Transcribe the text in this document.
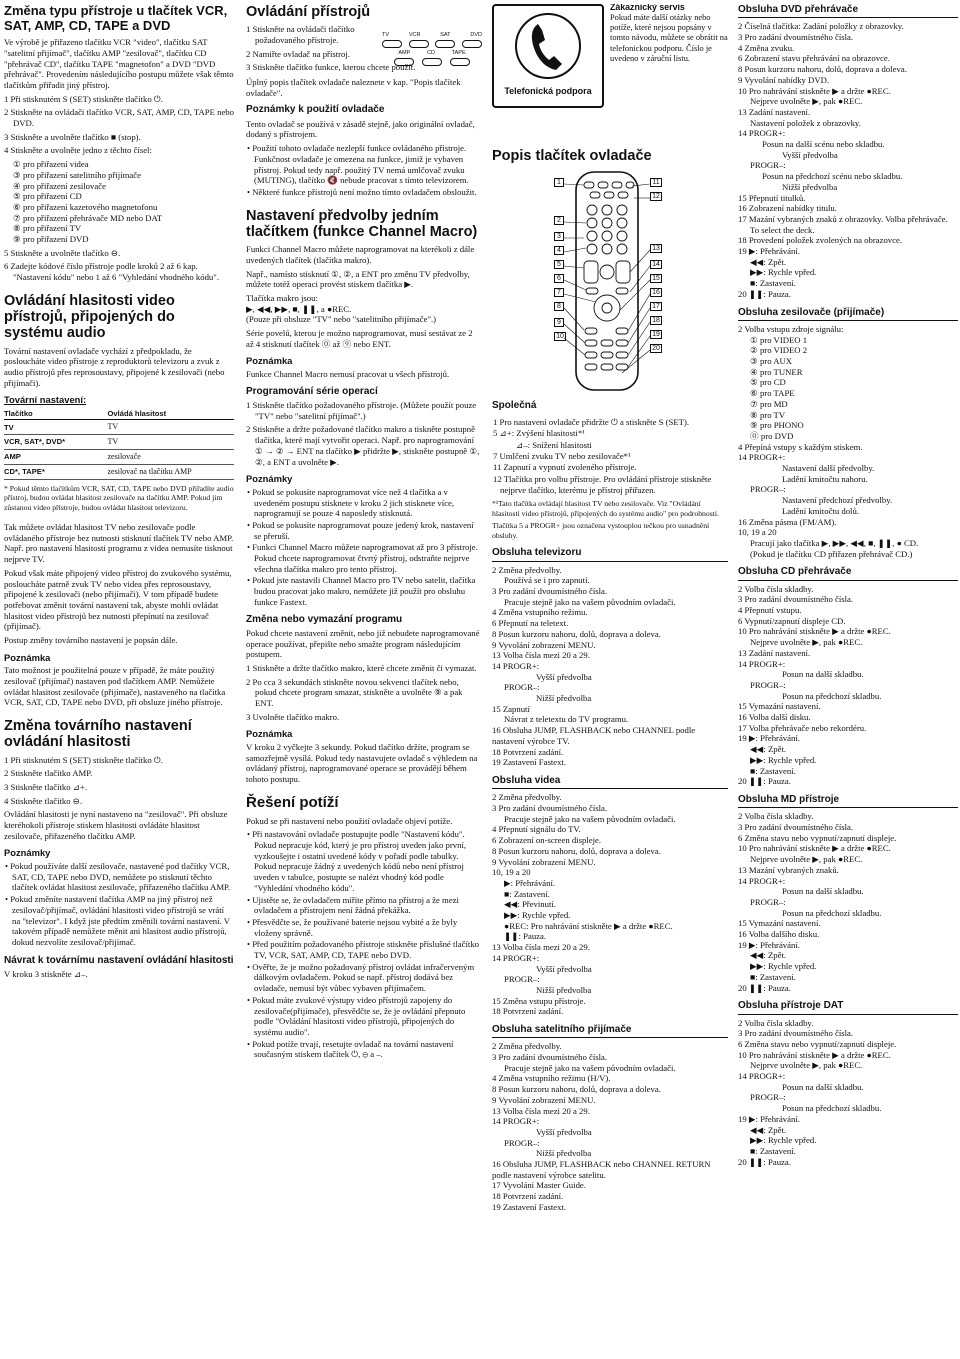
Změna typu přístroje u tlačítek VCR, SAT, AMP, CD, TAPE a DVD

Ve výrobě je přiřazeno tlačítku VCR "video", tlačítku SAT "satelitní přijímač", tlačítku AMP "zesilovač", tlačítku CD "přehrávač CD", tlačítku TAPE "magnetofon" a DVD "DVD přehrávač". Provedením následujícího postupu můžete však těmto tlačítkům přiřadit jiný přístroj.

1 Při stisknutém S (SET) stiskněte tlačítko ⏻.
2 Stiskněte na ovládači tlačítko VCR, SAT, AMP, CD, TAPE nebo DVD.
3 Stiskněte a uvolněte tlačítko ■ (stop).
4 Stiskněte a uvolněte jedno z těchto čísel:
① pro přiřazení videa
③ pro přiřazení satelitního přijímače
④ pro přiřazení zesilovače
⑤ pro přiřazení CD
⑥ pro přiřazení kazetového magnetofonu
⑦ pro přiřazení přehrávače MD nebo DAT
⑧ pro přiřazení TV
⑨ pro přiřazení DVD
5 Stiskněte a uvolněte tlačítko ⊖.
6 Zadejte kódové číslo přístroje podle kroků 2 až 6 kap. "Nastavení kódu" nebo 1 až 6 "Vyhledání vhodného kódu".
Ovládání hlasitosti video přístrojů, připojených do systému audio

Tovární nastavení ovladače vychází z předpokladu, že posloucháte video přístroje z reproduktorů televizoru a zvuk z audio přístrojů přes reprosoustavy, připojené k zesilovači (nebo přijímači).

Tovární nastavení:
Tlačítko	Ovládá hlasitost
TV	TV
VCR, SAT*, DVD*	TV
AMP	zesilovače
CD*, TAPE*	zesilovač na tlačítku AMP

* Pokud těmto tlačítkům VCR, SAT, CD, TAPE nebo DVD přiřadíte audio přístroj, budou ovládat hlasitost zesilovače na tlačítku AMP. Pokud jim zůstanou video přístroje, budou ovládat hlasitost televizoru.

Tak můžete ovládat hlasitost TV nebo zesilovače podle ovládaného přístroje bez nutnosti stisknutí tlačítek TV nebo AMP. Např. pro nastavení hlasitosti programu z videa nemusíte tisknout nejprve TV.

Pokud však máte připojený video přístroj do zvukového systému, posloucháte patrně zvuk TV nebo videa přes reprosoustavy, připojené k zesilovači (nebo přijímači). V tom případě budete potřebovat změnit tovární nastavení tak, abyste mohli ovládat hlasitost video přístrojů bez nutnosti přepínutí na zesilovač (přijímač).

Postup změny továrního nastavení je popsán dále.

Poznámka

Tato možnost je použitelná pouze v případě, že máte použitý zesilovač (přijímač) nastaven pod tlačítkem AMP. Nemůžete ovládat hlasitost zesilovače (přijímače), nastaveného na tlačítka VCR, SAT, CD, TAPE nebo DVD, při obsluze jiného přístroje.

Změna továrního nastavení ovládání hlasitosti
1 Při stisknutém S (SET) stiskněte tlačítko ⏻.
2 Stiskněte tlačítko AMP.
3 Stiskněte tlačítko ⊿+.
4 Stiskněte tlačítko ⊖.

Ovládání hlasitosti je nyní nastaveno na "zesilovač". Při obsluze kteréhokoli přístroje stiskem hlasitosti ovládáte hlasitost zesilovače, přiřazeného tlačítku AMP.

Poznámky
• Pokud používáte další zesilovače, nastavené pod tlačítky VCR, SAT, CD, TAPE nebo DVD, nemůžete po stisknutí těchto tlačítek ovládat hlasitost zesilovače, přiřazeného tlačítku AMP.
• Pokud změníte nastavení tlačítka AMP na jiný přístroj než zesilovač/přijímač, ovládání hlasitosti video přístrojů se vrátí na "televizor". I když jste předtím změnili tovární nastavení. V takovém případě nemůžete měnit ani hlasitost audio přístrojů, dokud nezvolíte zesilovač/přijímač.
Návrat k továrnímu nastavení ovládání hlasitosti

V kroku 3 stiskněte ⊿–.

Ovládání přístrojů
1 Stiskněte na ovládači tlačítko požadovaného přístroje.
2 Namiřte ovladač na přístroj.
TV	VCR	SAT	DVD
AMP	CD	TAPE
3 Stiskněte tlačítko funkce, kterou chcete použít.

Úplný popis tlačítek ovladače naleznete v kap. "Popis tlačítek ovladače".

Poznámky k použití ovladače

Tento ovladač se používá v zásadě stejně, jako originální ovladač, dodaný s přístrojem.

• Použití tohoto ovladače nezlepší funkce ovládaného přístroje. Funkčnost ovladače je omezena na funkce, jimiž je vybaven přístroj. Pokud tedy např. použitý TV nemá umlčovač zvuku (MUTING), tlačítko 🔇 nebude pracovat s tímto televizorem.
• Některé funkce přístrojů není možno tímto ovladačem obsloužit.
Nastavení předvolby jedním tlačítkem (funkce Channel Macro)

Funkci Channel Macro můžete naprogramovat na kterékoli z dále uvedených tlačítek (tlačítka makro).

Např., namísto stisknutí ①, ②, a ENT pro změnu TV předvolby, můžete totéž operaci provést stiskem tlačítka ▶.

Tlačítka makro jsou:

▶, ◀◀, ▶▶, ■, ❚❚, a ●REC.

(Pouze při obsluze "TV" nebo "satelitního přijímače".)

Série povelů, kterou je možno naprogramovat, musí sestávat ze 2 až 4 stisknutí tlačítek ⓪ až ⑨ nebo ENT.

Poznámka

Funkce Channel Macro nemusí pracovat u všech přístrojů.

Programování série operací
1 Stiskněte tlačítko požadovaného přístroje. (Můžete použít pouze "TV" nebo "satelitní přijímač".)
2 Stiskněte a držte požadované tlačítko makro a tiskněte postupně tlačítka, které mají vytvořit operaci. Např. pro naprogramování ① → ② → ENT na tlačítko ▶ přidržte ▶, stiskněte postupně ①, ②, a ENT a uvolněte ▶.
Poznámky
• Pokud se pokusíte naprogramovat více než 4 tlačítka a v uvedeném postupu stisknete v kroku 2 jich stisknete více, naprogramují se pouze 4 naposledy stisknutá.
• Pokud se pokusíte naprogramovat pouze jedený krok, nastavení se přeruší.
• Funkci Channel Macro můžete naprogramovat až pro 3 přístroje. Pokud chcete naprogramovat čtvrtý přístroj, odstraňte nejprve všechna tlačítka makro pro tento přístroj.
• Pokud jste nastavili Channel Macro pro TV nebo satelit, tlačítka budou pracovat jako makro, nemůžete již použít pro obsluhu funkce Fastext.
Změna nebo vymazání programu

Pokud chcete nastavení změnit, nebo již nebudete naprogramované operace používat, přepište nebo smažte program následujícím postupem.

1 Stiskněte a držte tlačítko makro, které chcete změnit či vymazat.
2 Po cca 3 sekundách stiskněte novou sekvenci tlačítek nebo, pokud chcete program smazat, stiskněte a uvolněte ⑨ a pak ENT.
3 Uvolněte tlačítko makro.
Poznámka

V kroku 2 vyčkejte 3 sekundy. Pokud tlačítko držíte, program se samozřejmě vysílá. Pokud tedy nastavujete ovladač s výhledem na ovládaný přístroj, naprogramované operace se provádějí během tohoto postupu.

Řešení potíží

Pokud se při nastavení nebo použití ovladače objeví potíže.

• Při nastavování ovladače postupujte podle "Nastavení kódu". Pokud nepracuje kód, který je pro přístroj uveden jako první, vyzkoušejte i ostatní uvedené kódy v pořadí podle tabulky. Pokud nepracuje žádný z uvedených kódů nebo není přístroj uveden v tabulce, postupte se nalézt vhodný kód podle "Vyhledání vhodného kódu".
• Ujistěte se, že ovladačem míříte přímo na přístroj a že mezi ovladačem a přístrojem není žádná překážka.
• Přesvědčte se, že používané baterie nejsou vybité a že byly vloženy správně.
• Před použitím požadovaného přístroje stiskněte příslušné tlačítko TV, VCR, SAT, AMP, CD, TAPE nebo DVD.
• Ověřte, že je možno požadovaný přístroj ovládat infračerveným dálkovým ovladačem. Pokud se např. přístroj dodává bez ovladače, nemusí být vůbec vybaven přijímačem.
• Pokud máte zvukové výstupy video přístrojů zapojeny do zesilovače(přijímače), přesvědčte se, že je ovládání přepnuto podle "Ovládání hlasitosti video přístrojů, připojených do systému audio".
• Pokud potíže trvají, resetujte ovladač na tovární nastavení současným stiskem tlačítek ⏻, ⊖ a –.
Telefonická podpora
Zákaznický servis
Pokud máte další otázky nebo potíže, které nejsou popsány v tomto návodu, můžete se obrátit na telefonickou podporu. Číslo je uvedeno v záruční listu.
Popis tlačítek ovladače
1
2
3
4
5
6
7
8
9
10
11
12
13
14
15
16
17
18
19
20
Společná
1 Pro nastavení ovladače přidržte ⏻ a stiskněte S (SET).
5 ⊿+: Zvýšení hlasitosti*¹
⊿–: Snížení hlasitosti
7 Umlčení zvuku TV nebo zesilovače*¹
11 Zapnutí a vypnutí zvoleného přístroje.
12 Tlačítka pro volbu přístroje. Pro ovládání přístroje stiskněte nejprve tlačítko, kterému je přístroj přiřazen.

*¹Tato tlačítka ovládají hlasitost TV nebo zesilovače. Viz "Ovládání hlasitosti video přístrojů, připojených do systému audio" pro podrobnosti.

Tlačítka 5 a PROGR+ jsou označena vystouplou tečkou pro usnadnění obsluhy.

Obsluha televizoru
2 Změna předvolby.
Používá se i pro zapnutí.
3 Pro zadání dvoumístného čísla.
Pracuje stejně jako na vašem původním ovladači.
4 Změna vstupního režimu.
6 Přepnutí na teletext.
8 Posun kurzoru nahoru, dolů, doprava a doleva.
9 Vyvolání zobrazení MENU.
13 Volba čísla mezi 20 a 29.
14 PROGR+:
Vyšší předvolba
PROGR–:
Nižší předvolba
15 Zapnutí
Návrat z teletextu do TV programu.
16 Obsluha JUMP, FLASHBACK nebo CHANNEL podle nastavení výrobce TV.
18 Potvrzení zadání.
19 Zastavení Fastext.
Obsluha videa
2 Změna předvolby.
3 Pro zadání dvoumístného čísla.
Pracuje stejně jako na vašem původním ovladači.
4 Přepnutí signálu do TV.
6 Zobrazení on-screen displeje.
8 Posun kurzoru nahoru, dolů, doprava a doleva.
9 Vyvolání zobrazení MENU.
10, 19 a 20
▶: Přehrávání.
■: Zastavení.
◀◀: Převinutí.
▶▶: Rychle vpřed.
●REC: Pro nahrávání stiskněte ▶ a držte ●REC.
❚❚: Pauza.
13 Volba čísla mezi 20 a 29.
14 PROGR+:
Vyšší předvolba
PROGR–:
Nižší předvolba
15 Změna vstupu přístroje.
18 Potvrzení zadání.
Obsluha satelitního přijímače
2 Změna předvolby.
3 Pro zadání dvoumístného čísla.
Pracuje stejně jako na vašem původním ovladači.
4 Změna vstupního režimu (H/V).
8 Posun kurzoru nahoru, dolů, doprava a doleva.
9 Vyvolání zobrazení MENU.
13 Volba čísla mezi 20 a 29.
14 PROGR+:
Vyšší předvolba
PROGR–:
Nižší předvolba
16 Obsluha JUMP, FLASHBACK nebo CHANNEL RETURN podle nastavení výrobce satelitu.
17 Vyvolání Master Guide.
18 Potvrzení zadání.
19 Zastavení Fastext.
Obsluha DVD přehrávače
2 Číselná tlačítka: Zadání položky z obrazovky.
3 Pro zadání dvoumístného čísla.
4 Změna zvuku.
6 Zobrazení stavu přehrávání na obrazovce.
8 Posun kurzoru nahoru, dolů, doprava a doleva.
9 Vyvolání nabídky DVD.
10 Pro nahrávání stiskněte ▶ a držte ●REC.
Nejprve uvolněte ▶, pak ●REC.
13 Zadání nastavení.
Nastavení položek z obrazovky.
14 PROGR+:
Posun na další scénu nebo skladbu.
Vyšší předvolba
PROGR–:
Posun na předchozí scénu nebo skladbu.
Nižší předvolba
15 Přepnutí titulků.
16 Zobrazení nabídky titulu.
17 Mazání vybraných znaků z obrazovky. Volba přehrávače.
To select the deck.
18 Provedení položek zvolených na obrazovce.
19 ▶: Přehrávání.
◀◀: Zpět.
▶▶: Rychle vpřed.
■: Zastavení.
20 ❚❚: Pauza.
Obsluha zesilovače (přijímače)
2 Volba vstupu zdroje signálu:
① pro VIDEO 1
② pro VIDEO 2
③ pro AUX
④ pro TUNER
⑤ pro CD
⑥ pro TAPE
⑦ pro MD
⑧ pro TV
⑨ pro PHONO
⓪ pro DVD
4 Přepíná vstupy s každým stiskem.
14 PROGR+:
Nastavení další předvolby.
Ladění kmitočtu nahoru.
PROGR–:
Nastavení předchozí předvolby.
Ladění kmitočtu dolů.
16 Změna pásma (FM/AM).
10, 19 a 20
Pracují jako tlačítka ▶, ▶▶, ◀◀, ■, ❚❚, ● CD.
(Pokud je tlačítku CD přiřazen přehrávač CD.)
Obsluha CD přehrávače
2 Volba čísla skladby.
3 Pro zadání dvoumístného čísla.
4 Přepnutí vstupu.
6 Vypnutí/zapnutí displeje CD.
10 Pro nahrávání stiskněte ▶ a držte ●REC.
Nejprve uvolněte ▶, pak ●REC.
13 Zadání nastavení.
14 PROGR+:
Posun na další skladbu.
PROGR–:
Posun na předchozí skladbu.
15 Vymazání nastavení.
16 Volba další disku.
17 Volba přehrávače nebo rekordéru.
19 ▶: Přehrávání.
◀◀: Zpět.
▶▶: Rychle vpřed.
■: Zastavení.
20 ❚❚: Pauza.
Obsluha MD přístroje
2 Volba čísla skladby.
3 Pro zadání dvoumístného čísla.
6 Změna stavu nebo vypnutí/zapnutí displeje.
10 Pro nahrávání stiskněte ▶ a držte ●REC.
Nejprve uvolněte ▶, pak ●REC.
13 Mazání vybraných znaků.
14 PROGR+:
Posun na další skladbu.
PROGR–:
Posun na předchozí skladbu.
15 Vymazání nastavení.
16 Volba dalšího disku.
19 ▶: Přehrávání.
◀◀: Zpět.
▶▶: Rychle vpřed.
■: Zastavení.
20 ❚❚: Pauza.
Obsluha přístroje DAT
2 Volba čísla skladby.
3 Pro zadání dvoumístného čísla.
6 Změna stavu nebo vypnutí/zapnutí displeje.
10 Pro nahrávání stiskněte ▶ a držte ●REC.
Nejprve uvolněte ▶, pak ●REC.
14 PROGR+:
Posun na další skladbu.
PROGR–:
Posun na předchozí skladbu.
19 ▶: Přehrávání.
◀◀: Zpět.
▶▶: Rychle vpřed.
■: Zastavení.
20 ❚❚: Pauza.
